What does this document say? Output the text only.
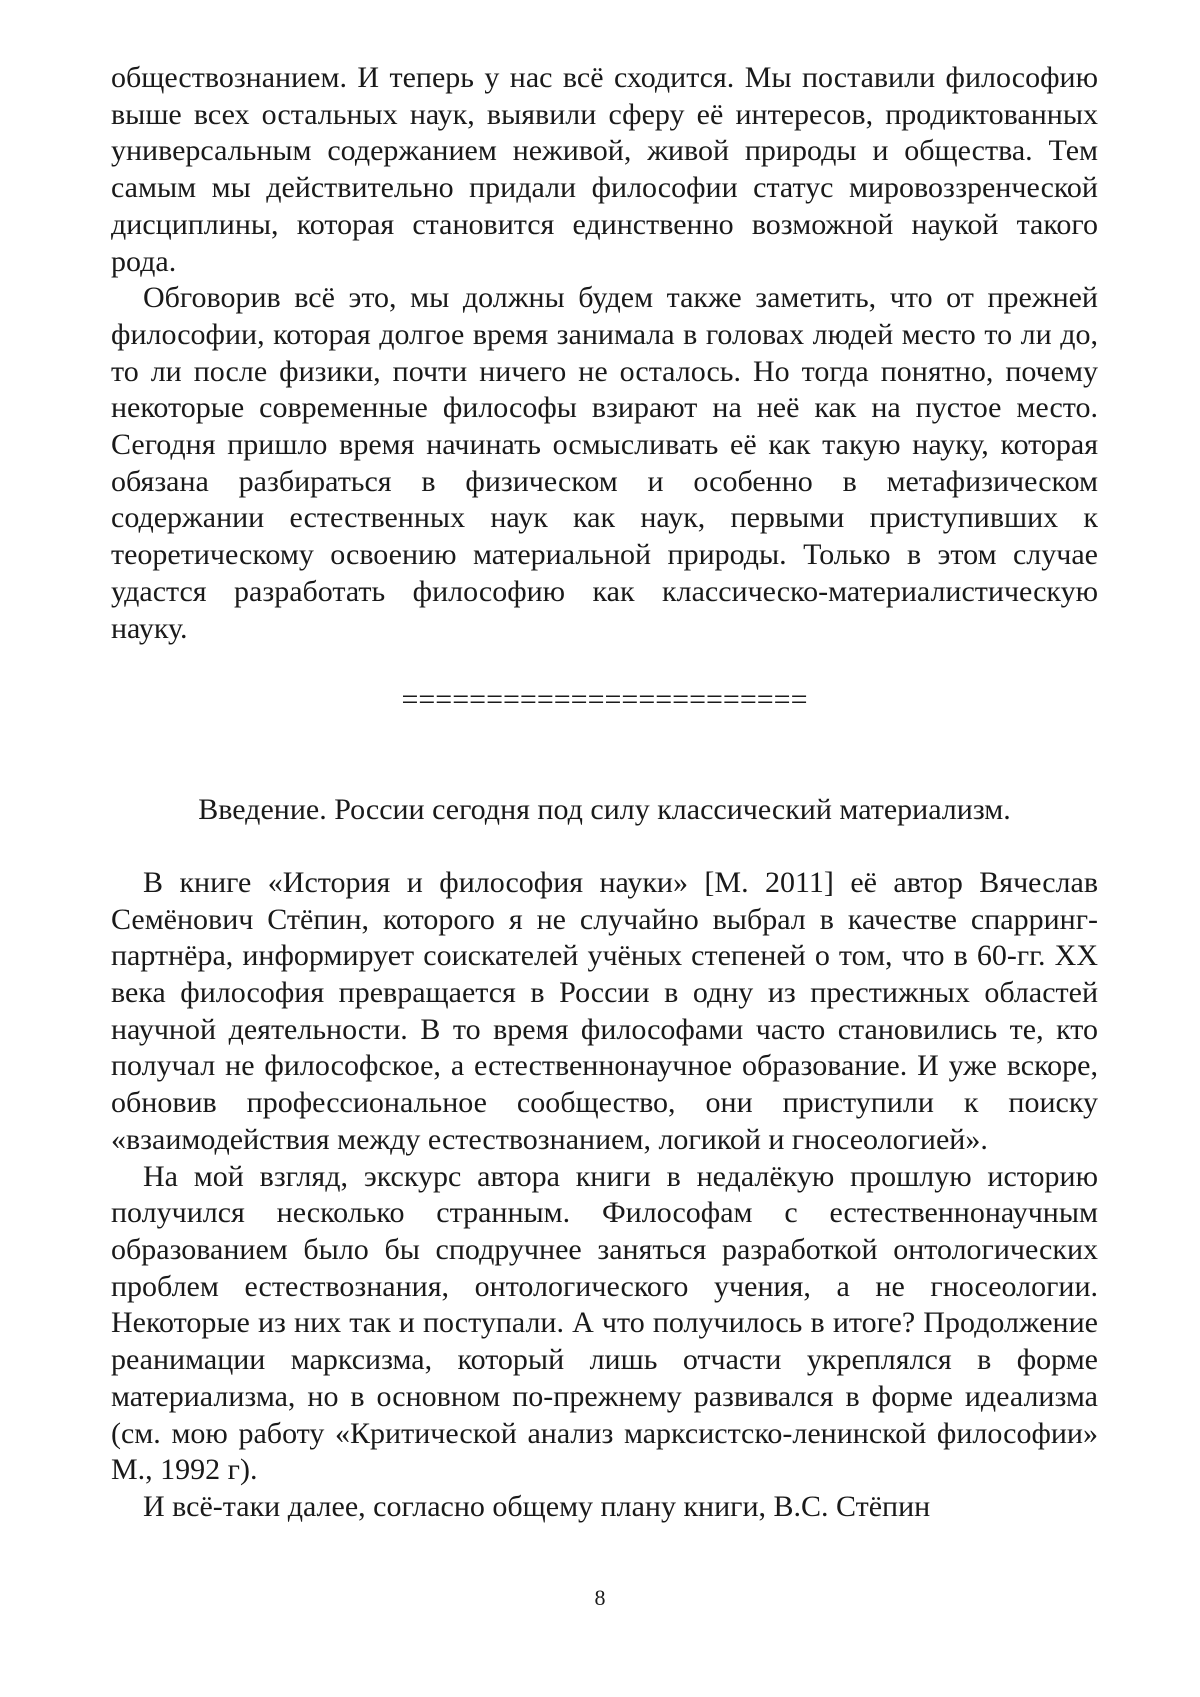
обществознанием. И теперь у нас всё сходится. Мы поставили философию выше всех остальных наук, выявили сферу её интересов, продиктованных универсальным содержанием неживой, живой природы и общества. Тем самым мы действительно придали философии статус мировоззренческой дисциплины, которая становится единственно возможной наукой такого рода.

Обговорив всё это, мы должны будем также заметить, что от прежней философии, которая долгое время занимала в головах людей место то ли до, то ли после физики, почти ничего не осталось. Но тогда понятно, почему некоторые современные философы взирают на неё как на пустое место. Сегодня пришло время начинать осмысливать её как такую науку, которая обязана разбираться в физическом и особенно в метафизическом содержании естественных наук как наук, первыми приступивших к теоретическому освоению материальной природы. Только в этом случае удастся разработать философию как классическо-материалистическую науку.

========================
Введение. России сегодня под силу классический материализм.

В книге «История и философия науки» [М. 2011] её автор Вячеслав Семёнович Стёпин, которого я не случайно выбрал в качестве спарринг-партнёра, информирует соискателей учёных степеней о том, что в 60-гг. XX века философия превращается в России в одну из престижных областей научной деятельности. В то время философами часто становились те, кто получал не философское, а естественнонаучное образование. И уже вскоре, обновив профессиональное сообщество, они приступили к поиску «взаимодействия между естествознанием, логикой и гносеологией».

На мой взгляд, экскурс автора книги в недалёкую прошлую историю получился несколько странным. Философам с естественнонаучным образованием было бы сподручнее заняться разработкой онтологических проблем естествознания, онтологического учения, а не гносеологии. Некоторые из них так и поступали. А что получилось в итоге? Продолжение реанимации марксизма, который лишь отчасти укреплялся в форме материализма, но в основном по-прежнему развивался в форме идеализма (см. мою работу «Критической анализ марксистско-ленинской философии» М., 1992 г).

И всё-таки далее, согласно общему плану книги, В.С. Стёпин

8
